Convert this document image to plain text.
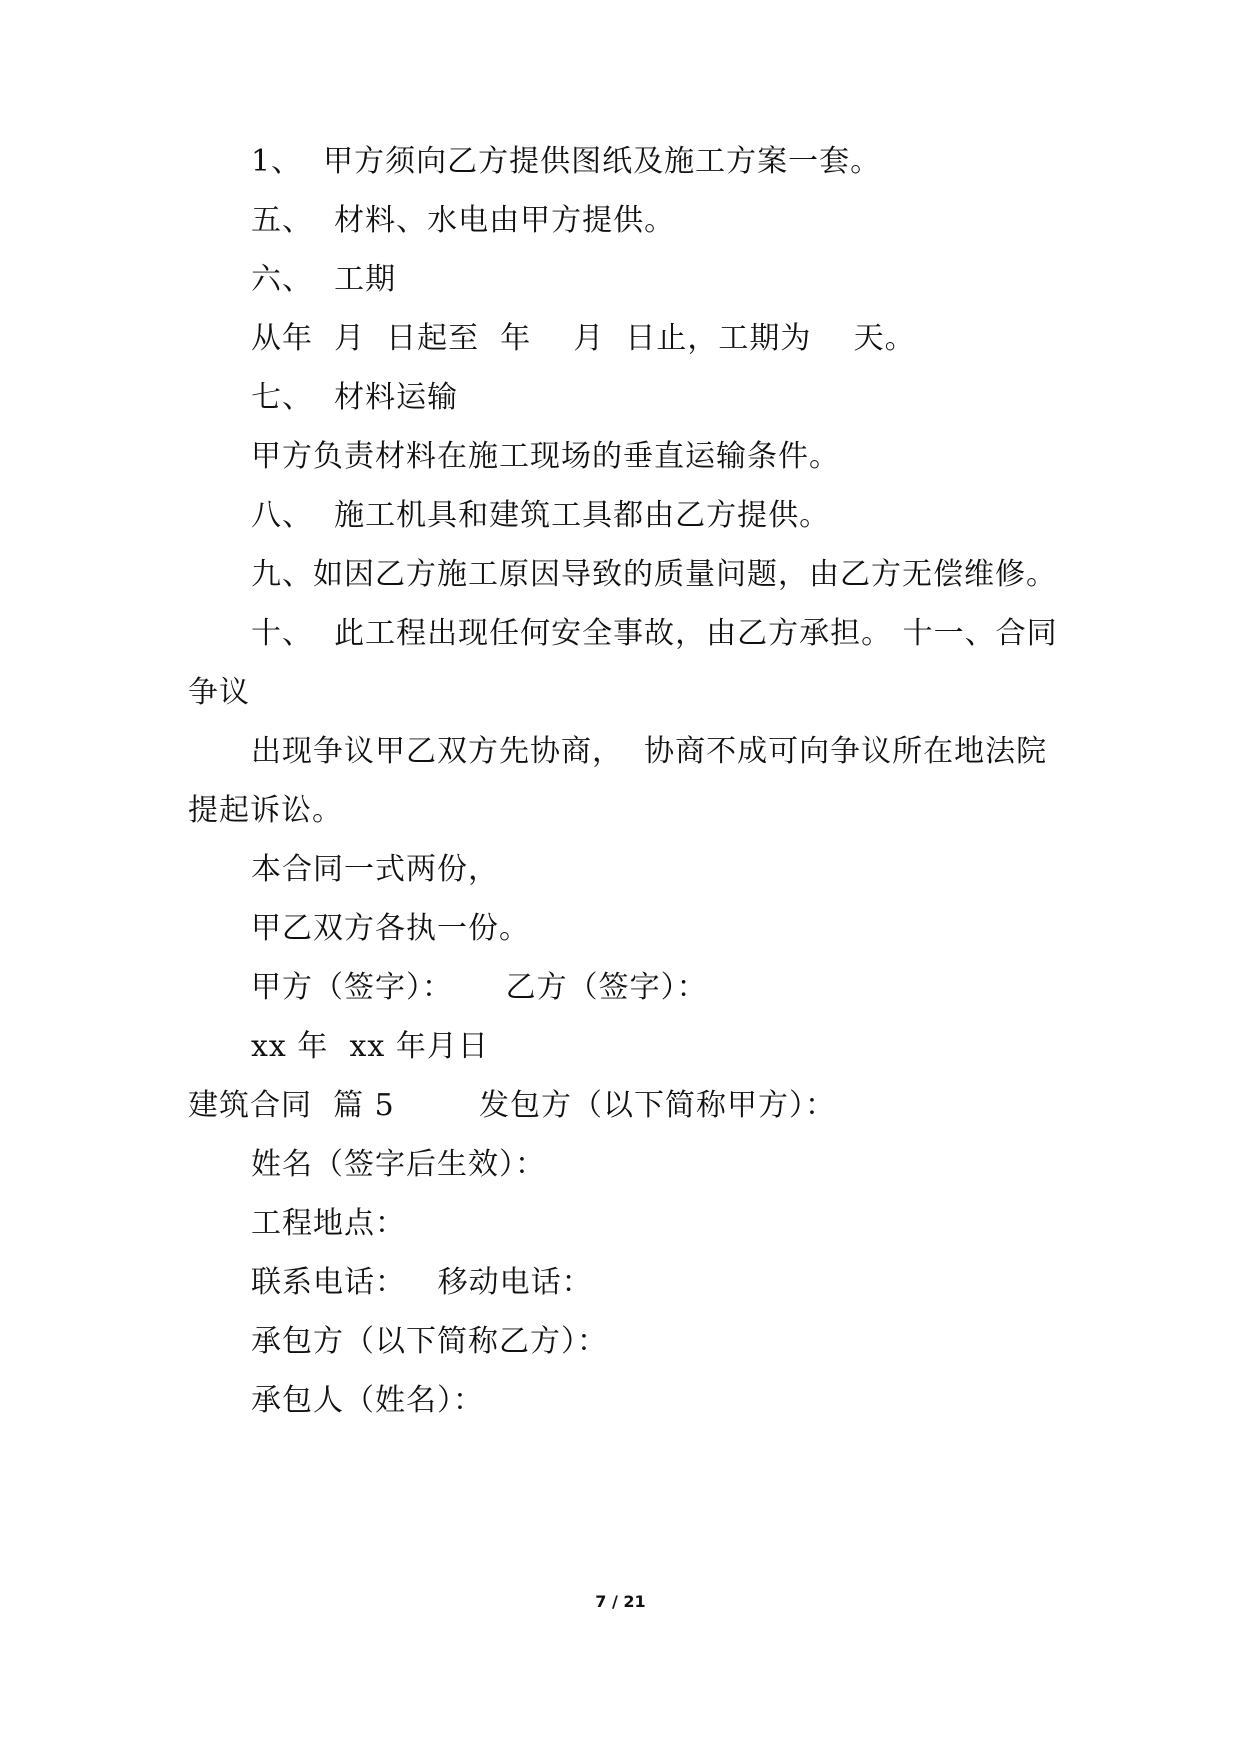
1、  甲方须向乙方提供图纸及施工方案一套。
五、  材料、水电由甲方提供。
六、  工期
从年  月  日起至  年    月  日止，工期为    天。
七、  材料运输
甲方负责材料在施工现场的垂直运输条件。
八、  施工机具和建筑工具都由乙方提供。
九、如因乙方施工原因导致的质量问题，由乙方无偿维修。
十、  此工程出现任何安全事故，由乙方承担。 十一、合同
争议
出现争议甲乙双方先协商，  协商不成可向争议所在地法院
提起诉讼。
本合同一式两份，
甲乙双方各执一份。
甲方（签字）：     乙方（签字）：
xx 年  xx 年月日
建筑合同  篇 5        发包方（以下简称甲方）：
姓名（签字后生效）：
工程地点：
联系电话：   移动电话：
承包方（以下简称乙方）：
承包人（姓名）：
7 / 21
